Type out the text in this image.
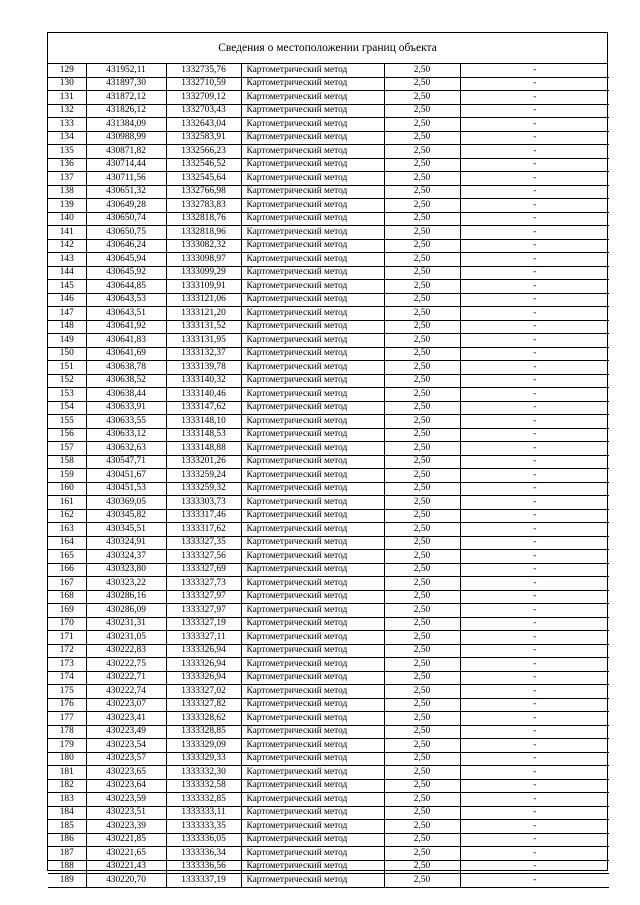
Сведения о местоположении границ объекта
129	431952,11	1332735,76	Картометрический метод	2,50	-
130	431897,30	1332710,59	Картометрический метод	2,50	-
131	431872,12	1332709,12	Картометрический метод	2,50	-
132	431826,12	1332703,43	Картометрический метод	2,50	-
133	431384,09	1332643,04	Картометрический метод	2,50	-
134	430988,99	1332583,91	Картометрический метод	2,50	-
135	430871,82	1332566,23	Картометрический метод	2,50	-
136	430714,44	1332546,52	Картометрический метод	2,50	-
137	430711,56	1332545,64	Картометрический метод	2,50	-
138	430651,32	1332766,98	Картометрический метод	2,50	-
139	430649,28	1332783,83	Картометрический метод	2,50	-
140	430650,74	1332818,76	Картометрический метод	2,50	-
141	430650,75	1332818,96	Картометрический метод	2,50	-
142	430646,24	1333082,32	Картометрический метод	2,50	-
143	430645,94	1333098,97	Картометрический метод	2,50	-
144	430645,92	1333099,29	Картометрический метод	2,50	-
145	430644,85	1333109,91	Картометрический метод	2,50	-
146	430643,53	1333121,06	Картометрический метод	2,50	-
147	430643,51	1333121,20	Картометрический метод	2,50	-
148	430641,92	1333131,52	Картометрический метод	2,50	-
149	430641,83	1333131,95	Картометрический метод	2,50	-
150	430641,69	1333132,37	Картометрический метод	2,50	-
151	430638,78	1333139,78	Картометрический метод	2,50	-
152	430638,52	1333140,32	Картометрический метод	2,50	-
153	430638,44	1333140,46	Картометрический метод	2,50	-
154	430633,91	1333147,62	Картометрический метод	2,50	-
155	430633,55	1333148,10	Картометрический метод	2,50	-
156	430633,12	1333148,53	Картометрический метод	2,50	-
157	430632,63	1333148,88	Картометрический метод	2,50	-
158	430547,71	1333201,26	Картометрический метод	2,50	-
159	430451,67	1333259,24	Картометрический метод	2,50	-
160	430451,53	1333259,32	Картометрический метод	2,50	-
161	430369,05	1333303,73	Картометрический метод	2,50	-
162	430345,82	1333317,46	Картометрический метод	2,50	-
163	430345,51	1333317,62	Картометрический метод	2,50	-
164	430324,91	1333327,35	Картометрический метод	2,50	-
165	430324,37	1333327,56	Картометрический метод	2,50	-
166	430323,80	1333327,69	Картометрический метод	2,50	-
167	430323,22	1333327,73	Картометрический метод	2,50	-
168	430286,16	1333327,97	Картометрический метод	2,50	-
169	430286,09	1333327,97	Картометрический метод	2,50	-
170	430231,31	1333327,19	Картометрический метод	2,50	-
171	430231,05	1333327,11	Картометрический метод	2,50	-
172	430222,83	1333326,94	Картометрический метод	2,50	-
173	430222,75	1333326,94	Картометрический метод	2,50	-
174	430222,71	1333326,94	Картометрический метод	2,50	-
175	430222,74	1333327,02	Картометрический метод	2,50	-
176	430223,07	1333327,82	Картометрический метод	2,50	-
177	430223,41	1333328,62	Картометрический метод	2,50	-
178	430223,49	1333328,85	Картометрический метод	2,50	-
179	430223,54	1333329,09	Картометрический метод	2,50	-
180	430223,57	1333329,33	Картометрический метод	2,50	-
181	430223,65	1333332,30	Картометрический метод	2,50	-
182	430223,64	1333332,58	Картометрический метод	2,50	-
183	430223,59	1333332,85	Картометрический метод	2,50	-
184	430223,51	1333333,11	Картометрический метод	2,50	-
185	430223,39	1333333,35	Картометрический метод	2,50	-
186	430221,85	1333336,05	Картометрический метод	2,50	-
187	430221,65	1333336,34	Картометрический метод	2,50	-
188	430221,43	1333336,56	Картометрический метод	2,50	-
189	430220,70	1333337,19	Картометрический метод	2,50	-
